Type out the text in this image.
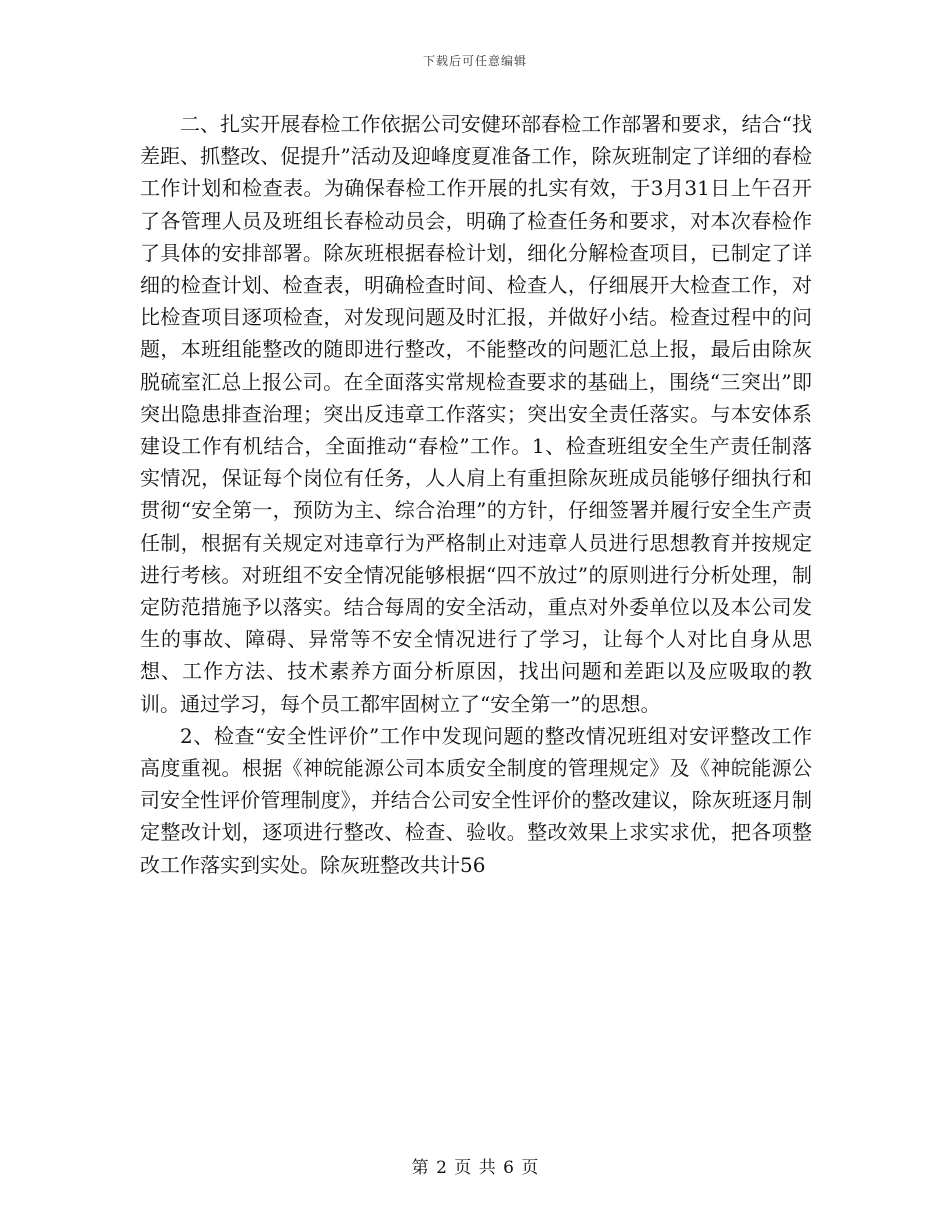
下载后可任意编辑

二、扎实开展春检工作依据公司安健环部春检工作部署和要求，结合“找差距、抓整改、促提升”活动及迎峰度夏准备工作，除灰班制定了详细的春检工作计划和检查表。为确保春检工作开展的扎实有效，于3月31日上午召开了各管理人员及班组长春检动员会，明确了检查任务和要求，对本次春检作了具体的安排部署。除灰班根据春检计划，细化分解检查项目，已制定了详细的检查计划、检查表，明确检查时间、检查人，仔细展开大检查工作，对比检查项目逐项检查，对发现问题及时汇报，并做好小结。检查过程中的问题，本班组能整改的随即进行整改，不能整改的问题汇总上报，最后由除灰脱硫室汇总上报公司。在全面落实常规检查要求的基础上，围绕“三突出”即突出隐患排查治理；突出反违章工作落实；突出安全责任落实。与本安体系建设工作有机结合，全面推动“春检”工作。1、检查班组安全生产责任制落实情况，保证每个岗位有任务，人人肩上有重担除灰班成员能够仔细执行和贯彻“安全第一，预防为主、综合治理”的方针，仔细签署并履行安全生产责任制，根据有关规定对违章行为严格制止对违章人员进行思想教育并按规定进行考核。对班组不安全情况能够根据“四不放过”的原则进行分析处理，制定防范措施予以落实。结合每周的安全活动，重点对外委单位以及本公司发生的事故、障碍、异常等不安全情况进行了学习，让每个人对比自身从思想、工作方法、技术素养方面分析原因，找出问题和差距以及应吸取的教训。通过学习，每个员工都牢固树立了“安全第一”的思想。

2、检查“安全性评价”工作中发现问题的整改情况班组对安评整改工作高度重视。根据《神皖能源公司本质安全制度的管理规定》及《神皖能源公司安全性评价管理制度》，并结合公司安全性评价的整改建议，除灰班逐月制定整改计划，逐项进行整改、检查、验收。整改效果上求实求优，把各项整改工作落实到实处。除灰班整改共计56

第 2 页 共 6 页
